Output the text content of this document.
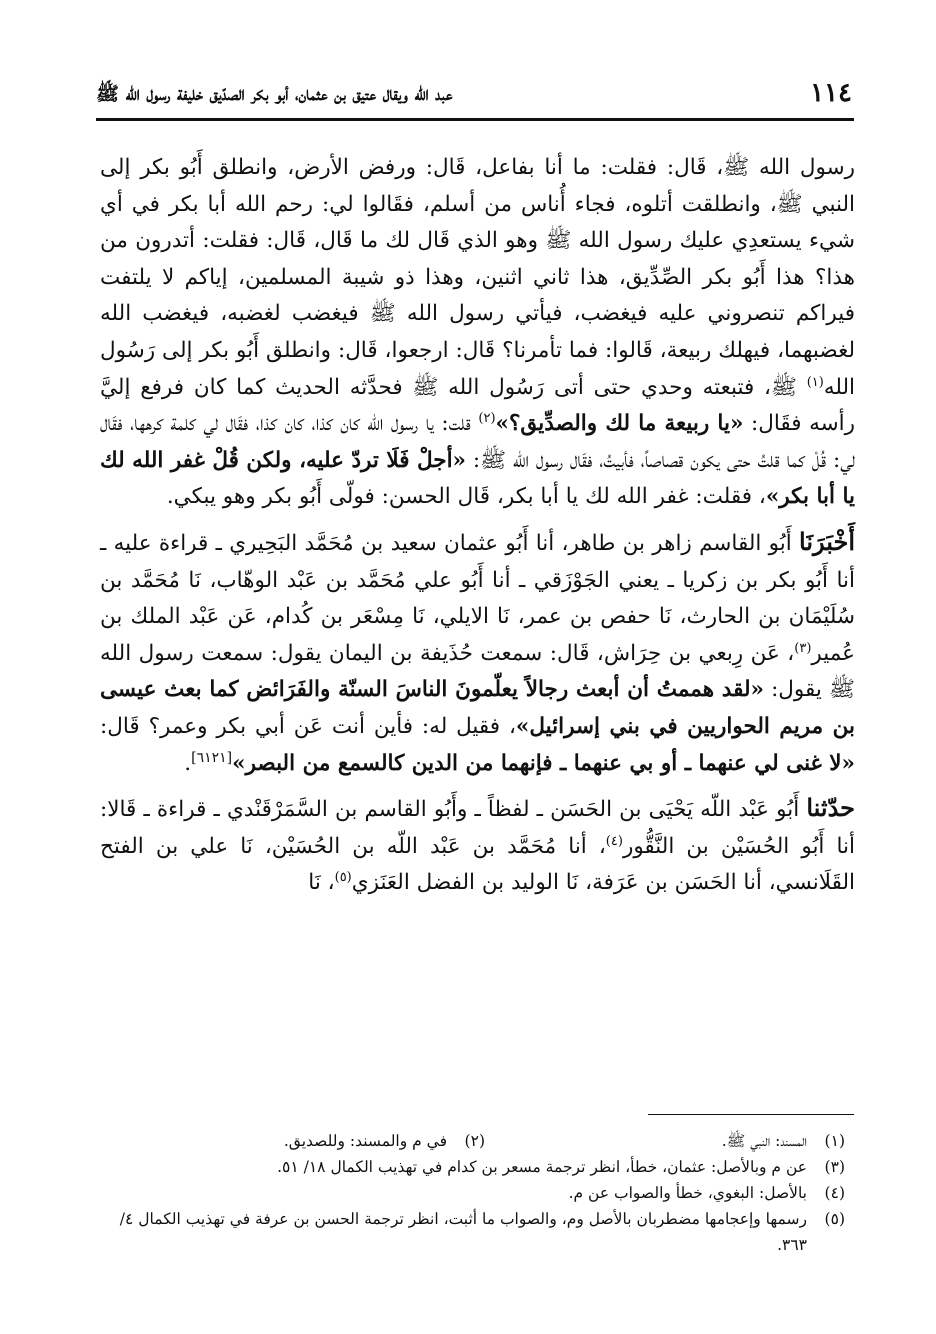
١١٤
عبد الله ويقال عتيق بن عثمان، أبو بكر الصدّيق خليفة رسول الله ﷺ

رسول الله ﷺ، قَال: فقلت: ما أنا بفاعل، قَال: ورفض الأرض، وانطلق أَبُو بكر إلى النبي ﷺ، وانطلقت أتلوه، فجاء أُناس من أسلم، فقَالوا لي: رحم الله أبا بكر في أي شيء يستعدِي عليك رسول الله ﷺ وهو الذي قَال لك ما قَال، قَال: فقلت: أتدرون من هذا؟ هذا أَبُو بكر الصِّدِّيق، هذا ثاني اثنين، وهذا ذو شيبة المسلمين، إياكم لا يلتفت فيراكم تنصروني عليه فيغضب، فيأتي رسول الله ﷺ فيغضب لغضبه، فيغضب الله لغضبهما، فيهلك ربيعة، قَالوا: فما تأمرنا؟ قَال: ارجعوا، قَال: وانطلق أَبُو بكر إلى رَسُول الله$^{(١)}$ ﷺ، فتبعته وحدي حتى أتى رَسُول الله ﷺ فحدَّثه الحديث كما كان فرفع إليَّ رأسه فقَال: «يا ربيعة ما لك والصدِّيق؟»$^{(٢)}$ قلت: يا رسول الله كان كذا، كان كذا، فقَال لي كلمة كرهها، فقَال لي: قُلْ كما قلتُ حتى يكون قصاصاً، فأبيتُ، فقَال رسول الله ﷺ: «أجلْ فَلَا تردّ عليه، ولكن قُلْ غفر الله لك يا أبا بكر»، فقلت: غفر الله لك يا أبا بكر، قَال الحسن: فولّى أَبُو بكر وهو يبكي.

أَخْبَرَنَا أَبُو القاسم زاهر بن طاهر، أنا أَبُو عثمان سعيد بن مُحَمَّد البَحِيري ـ قراءة عليه ـ أنا أَبُو بكر بن زكريا ـ يعني الجَوْزَقي ـ أنا أَبُو علي مُحَمَّد بن عَبْد الوهّاب، نَا مُحَمَّد بن سُلَيْمَان بن الحارث، نَا حفص بن عمر، نَا الايلي، نَا مِسْعَر بن كُدام، عَن عَبْد الملك بن عُمير$^{(٣)}$، عَن رِبعي بن حِرَاش، قَال: سمعت حُذَيفة بن اليمان يقول: سمعت رسول الله ﷺ يقول: «لقد هممتُ أن أبعث رجالاً يعلّمونَ الناسَ السنّة والفَرَائض كما بعث عيسى بن مريم الحواريين في بني إسرائيل»، فقيل له: فأين أنت عَن أبي بكر وعمر؟ قَال: «لا غنى لي عنهما ـ أو بي عنهما ـ فإنهما من الدين كالسمع من البصر»[٦١٢١].

حدّثنا أَبُو عَبْد اللّه يَحْيَى بن الحَسَن ـ لفظاً ـ وأَبُو القاسم بن السَّمَرْقَنْدي ـ قراءة ـ قَالا: أنا أَبُو الحُسَيْن بن النَّقُّور$^{(٤)}$، أنا مُحَمَّد بن عَبْد اللّه بن الحُسَيْن، نَا علي بن الفتح القَلَانسي، أنا الحَسَن بن عَرَفة، نَا الوليد بن الفضل العَنَزي$^{(٥)}$، نَا

(١)
المسند: النبي ﷺ.
(٢)
في م والمسند: وللصديق.
(٣)
عن م وبالأصل: عثمان، خطأ، انظر ترجمة مسعر بن كدام في تهذيب الكمال ١٨/ ٥١.
(٤)
بالأصل: البغوي، خطأ والصواب عن م.
(٥)
رسمها وإعجامها مضطربان بالأصل وم، والصواب ما أثبت، انظر ترجمة الحسن بن عرفة في تهذيب الكمال ٤/ ٣٦٣.
